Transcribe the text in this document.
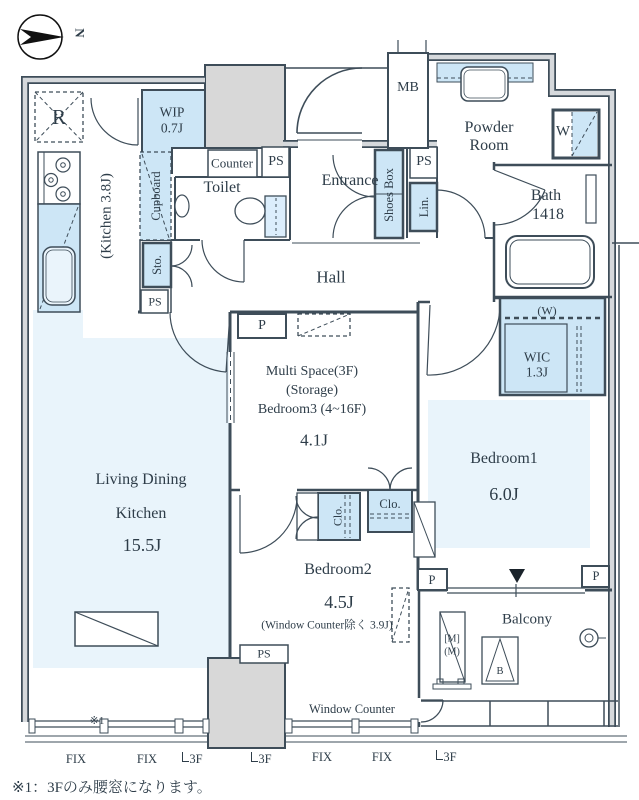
N
R	WIP
0.7J
(Kitchen 3.8J)	Cupboard
Counter PS
Toilet	Entrance Shoes Box
MB
PS
Lin.
Powder
Room
W
Bath
1418
Sto.
PS
Hall
P
Multi Space(3F)
(Storage)
Bedroom3 (4~16F)
4.1J
(W)
WIC
1.3J
Bedroom1
6.0J
Living Dining
Kitchen
15.5J
Clo.
Clo.
Bedroom2
4.5J
(Window Counter除く 3.9J)
P	P
Balcony
[M]
(M)
B
Window Counter
PS
※1
FIX	FIX	3F	3F	FIX	FIX	3F
※1：3Fのみ腰窓になります。
